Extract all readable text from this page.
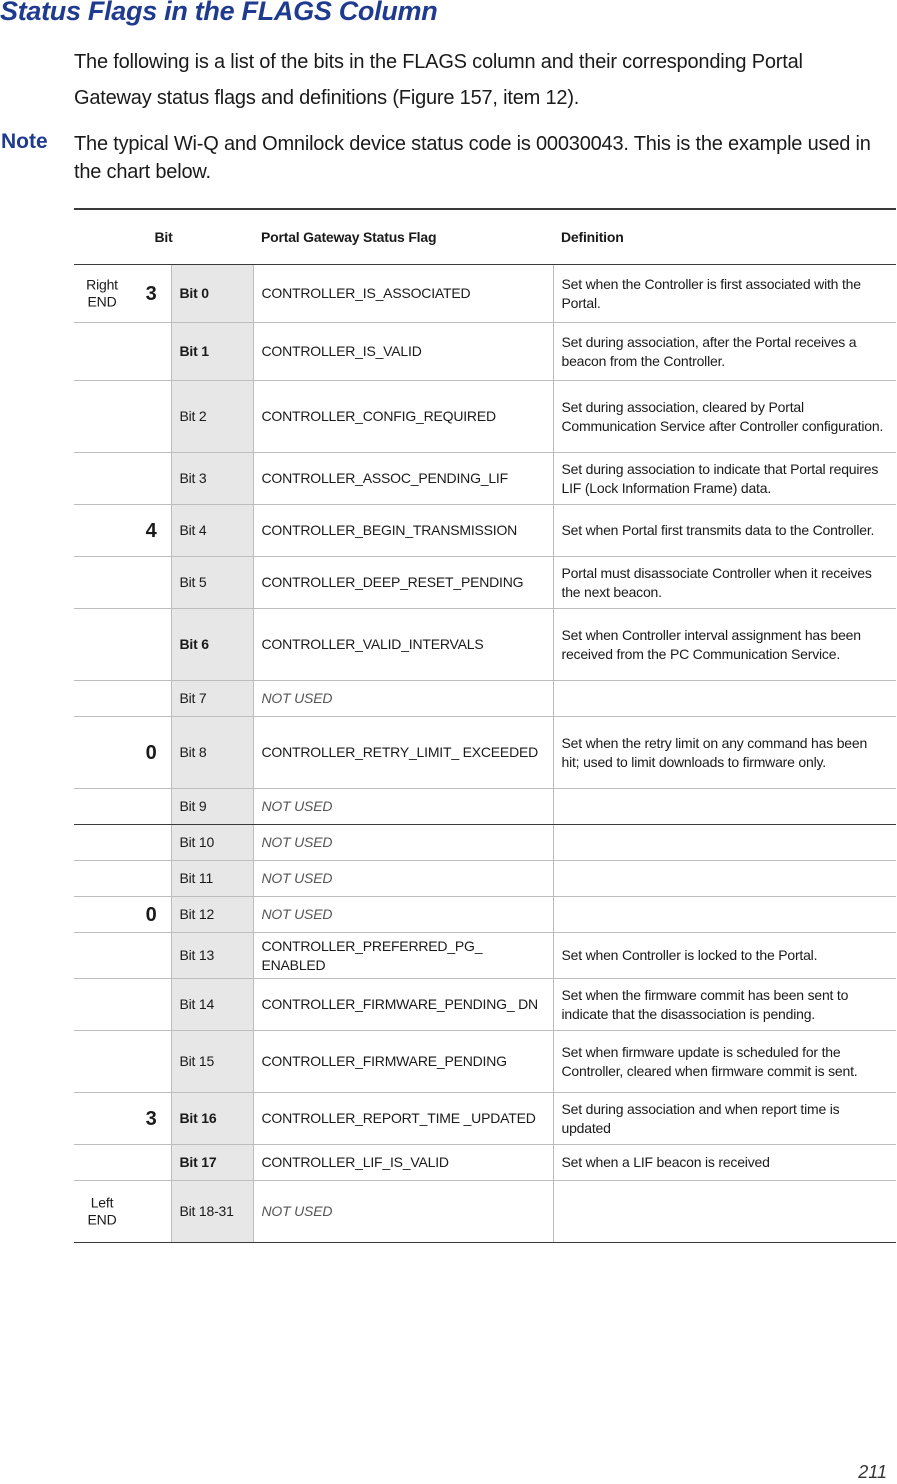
Status Flags in the FLAGS Column
The following is a list of the bits in the FLAGS column and their corresponding Portal Gateway status flags and definitions (Figure 157, item 12).
Note The typical Wi-Q and Omnilock device status code is 00030043. This is the example used in the chart below.
Bit		Portal Gateway Status Flag	Definition

Right END 3	Bit 0	CONTROLLER_IS_ASSOCIATED	Set when the Controller is first associated with the Portal.
	Bit 1	CONTROLLER_IS_VALID	Set during association, after the Portal receives a beacon from the Controller.
	Bit 2	CONTROLLER_CONFIG_REQUIRED	Set during association, cleared by Portal Communication Service after Controller configuration.
	Bit 3	CONTROLLER_ASSOC_PENDING_LIF	Set during association to indicate that Portal requires LIF (Lock Information Frame) data.

4	Bit 4	CONTROLLER_BEGIN_TRANSMISSION	Set when Portal first transmits data to the Controller.
	Bit 5	CONTROLLER_DEEP_RESET_PENDING	Portal must disassociate Controller when it receives the next beacon.
	Bit 6	CONTROLLER_VALID_INTERVALS	Set when Controller interval assignment has been received from the PC Communication Service.
	Bit 7	NOT USED	

0	Bit 8	CONTROLLER_RETRY_LIMIT_ EXCEEDED	Set when the retry limit on any command has been hit; used to limit downloads to firmware only.
	Bit 9	NOT USED	
	Bit 10	NOT USED	
	Bit 11	NOT USED	

0	Bit 12	NOT USED	
	Bit 13	CONTROLLER_PREFERRED_PG_ ENABLED	Set when Controller is locked to the Portal.
	Bit 14	CONTROLLER_FIRMWARE_PENDING_ DN	Set when the firmware commit has been sent to indicate that the disassociation is pending.
	Bit 15	CONTROLLER_FIRMWARE_PENDING	Set when firmware update is scheduled for the Controller, cleared when firmware commit is sent.

3	Bit 16	CONTROLLER_REPORT_TIME _UPDATED	Set during association and when report time is updated
	Bit 17	CONTROLLER_LIF_IS_VALID	Set when a LIF beacon is received

Left END	Bit 18-31	NOT USED	
211
